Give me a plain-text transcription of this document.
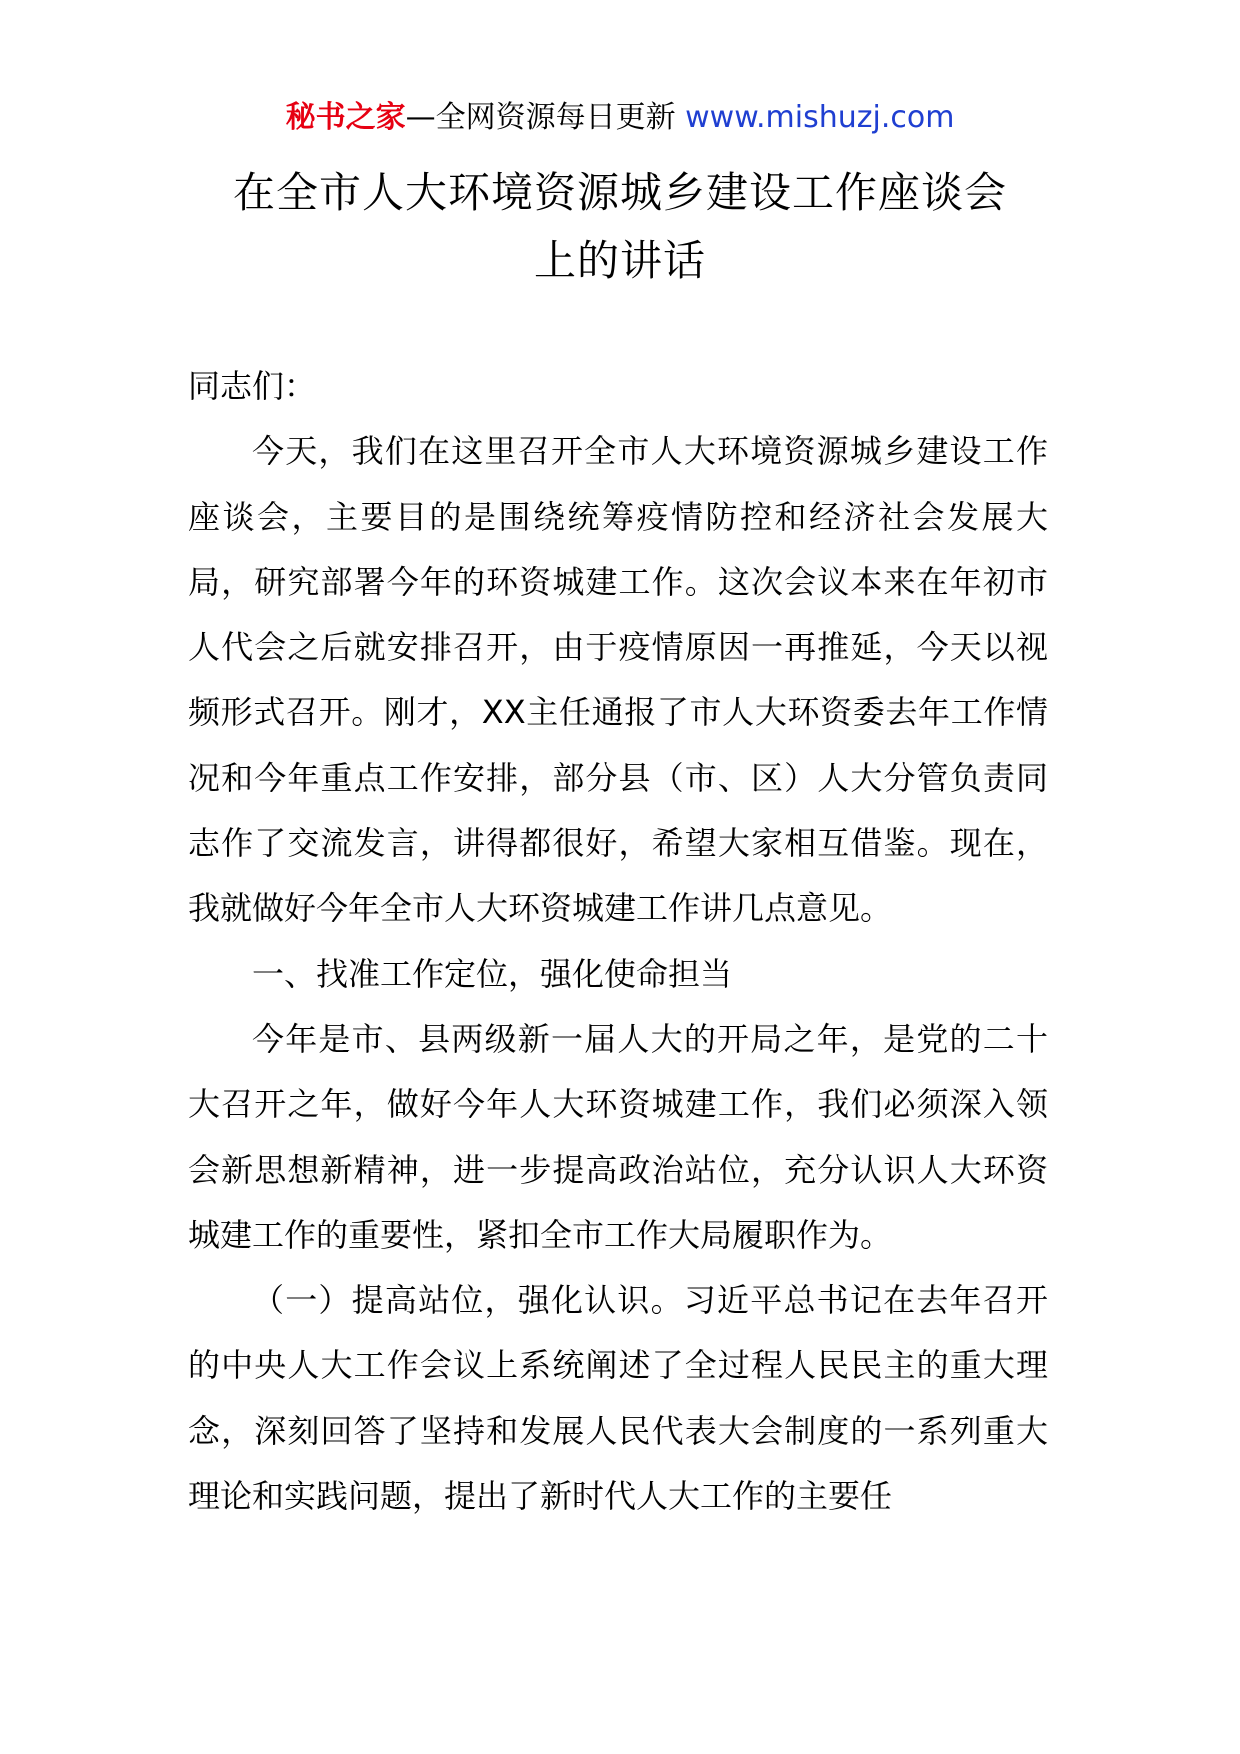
秘书之家—全网资源每日更新 www.mishuzj.com
在全市人大环境资源城乡建设工作座谈会
上的讲话

同志们：

今天，我们在这里召开全市人大环境资源城乡建设工作座谈会，主要目的是围绕统筹疫情防控和经济社会发展大局，研究部署今年的环资城建工作。这次会议本来在年初市人代会之后就安排召开，由于疫情原因一再推延，今天以视频形式召开。刚才，XX主任通报了市人大环资委去年工作情况和今年重点工作安排，部分县（市、区）人大分管负责同志作了交流发言，讲得都很好，希望大家相互借鉴。现在，我就做好今年全市人大环资城建工作讲几点意见。

一、找准工作定位，强化使命担当

今年是市、县两级新一届人大的开局之年，是党的二十大召开之年，做好今年人大环资城建工作，我们必须深入领会新思想新精神，进一步提高政治站位，充分认识人大环资城建工作的重要性，紧扣全市工作大局履职作为。

（一）提高站位，强化认识。习近平总书记在去年召开的中央人大工作会议上系统阐述了全过程人民民主的重大理念，深刻回答了坚持和发展人民代表大会制度的一系列重大理论和实践问题，提出了新时代人大工作的主要任
